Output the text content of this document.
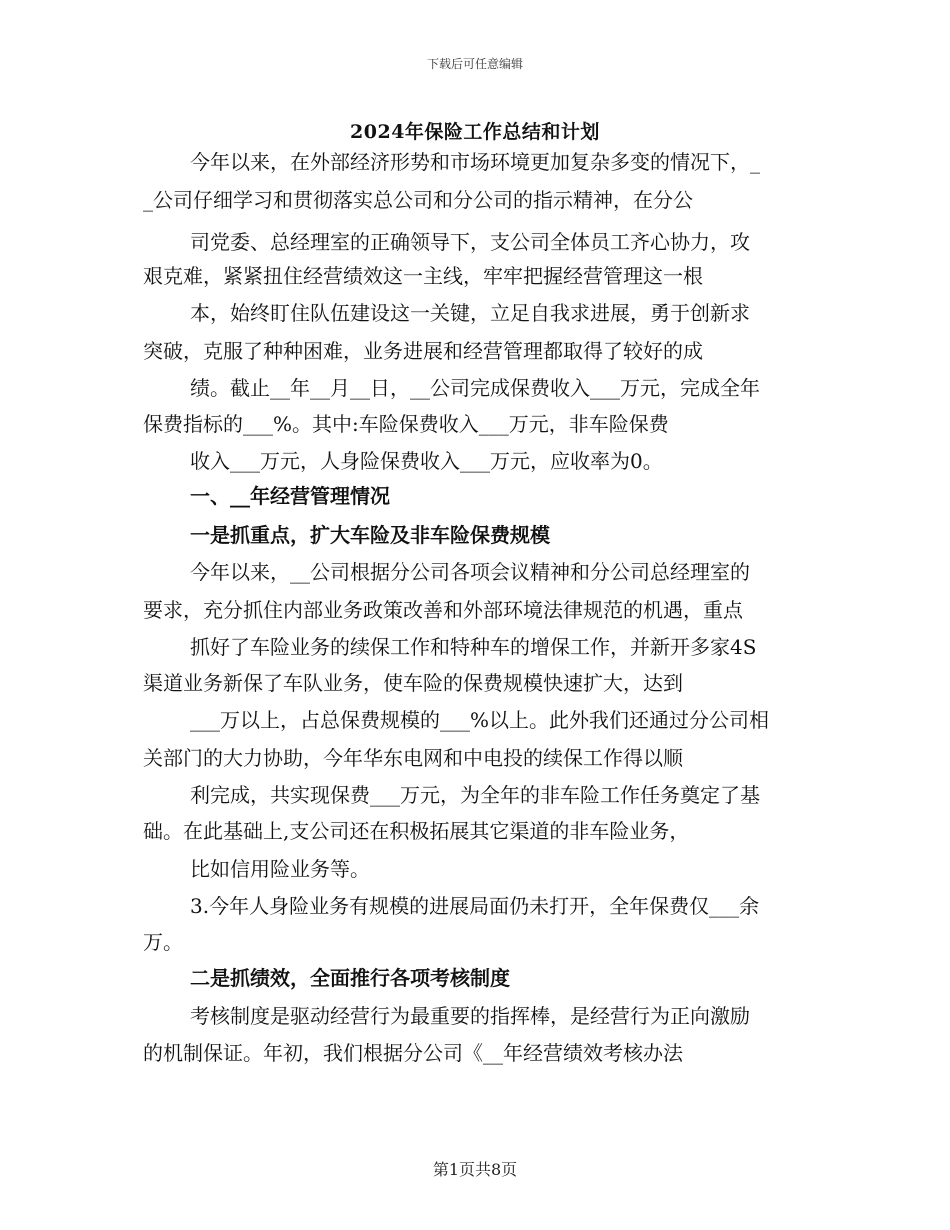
下载后可任意编辑
2024年保险工作总结和计划
今年以来，在外部经济形势和市场环境更加复杂多变的情况下，_
_公司仔细学习和贯彻落实总公司和分公司的指示精神，在分公
司党委、总经理室的正确领导下，支公司全体员工齐心协力，攻
艰克难，紧紧扭住经营绩效这一主线，牢牢把握经营管理这一根
本，始终盯住队伍建设这一关键，立足自我求进展，勇于创新求
突破，克服了种种困难，业务进展和经营管理都取得了较好的成
绩。截止__年__月__日，__公司完成保费收入___万元，完成全年
保费指标的___%。其中:车险保费收入___万元，非车险保费
收入___万元，人身险保费收入___万元，应收率为0。
一、__年经营管理情况
一是抓重点，扩大车险及非车险保费规模
今年以来，__公司根据分公司各项会议精神和分公司总经理室的
要求，充分抓住内部业务政策改善和外部环境法律规范的机遇，重点
抓好了车险业务的续保工作和特种车的增保工作，并新开多家4S
渠道业务新保了车队业务，使车险的保费规模快速扩大，达到
___万以上，占总保费规模的___%以上。此外我们还通过分公司相
关部门的大力协助，今年华东电网和中电投的续保工作得以顺
利完成，共实现保费___万元，为全年的非车险工作任务奠定了基
础。在此基础上,支公司还在积极拓展其它渠道的非车险业务，
比如信用险业务等。
3.今年人身险业务有规模的进展局面仍未打开，全年保费仅___余
万。
二是抓绩效，全面推行各项考核制度
考核制度是驱动经营行为最重要的指挥棒，是经营行为正向激励
的机制保证。年初，我们根据分公司《__年经营绩效考核办法
第1页共8页
